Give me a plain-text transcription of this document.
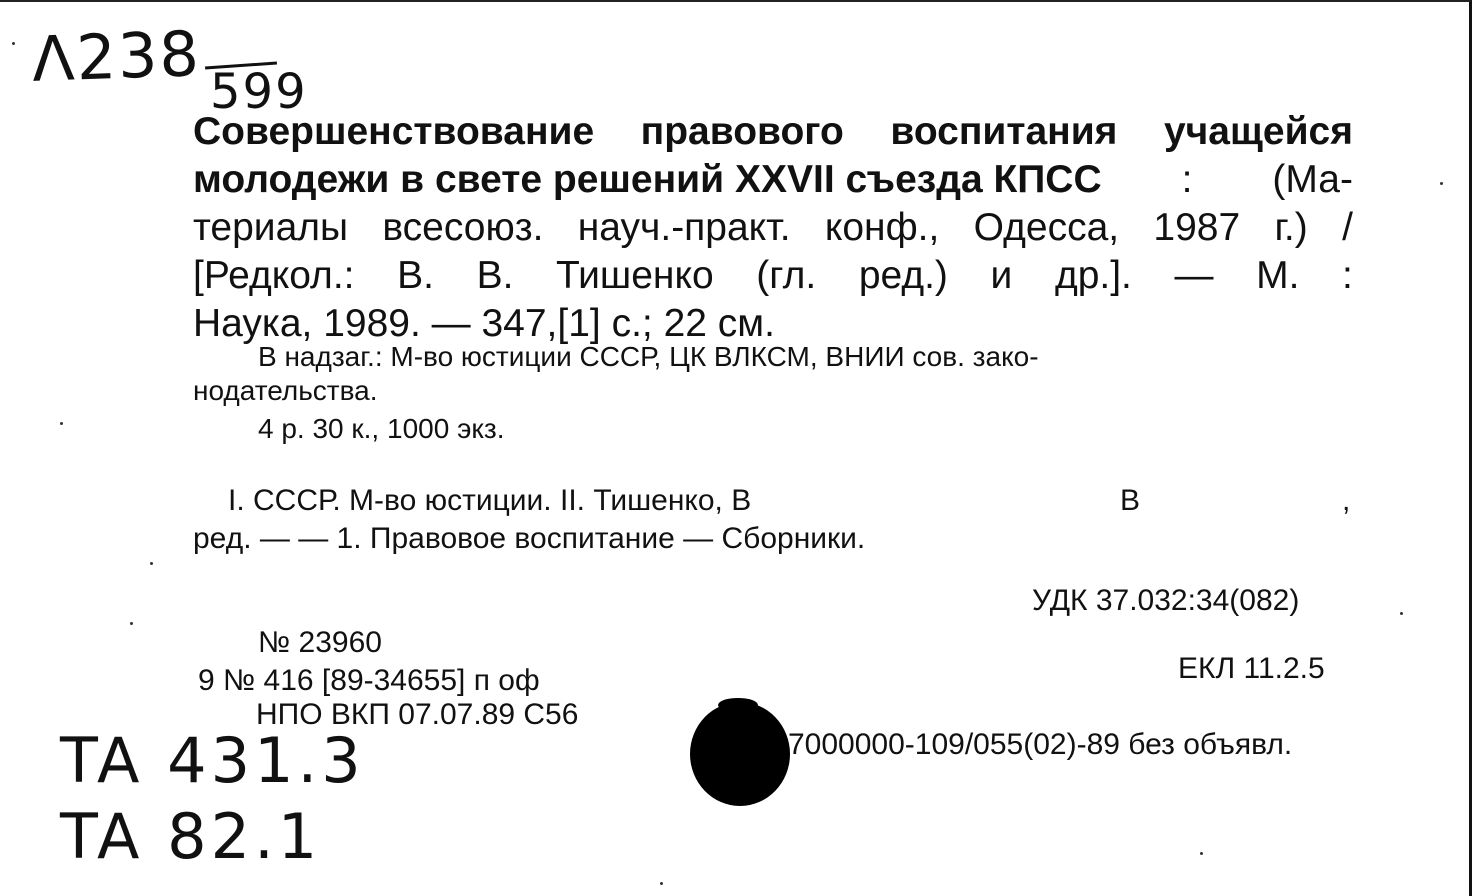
Λ238 599
Совершенствование правового воспитания учащейся
молодежи в свете решений XXVII съезда КПСС : (Ма-
териалы всесоюз. науч.-практ. конф., Одесса, 1987 г.) /
[Редкол.: В. В. Тишенко (гл. ред.) и др.]. — М. :
Наука, 1989. — 347,[1] с.; 22 см.
В надзаг.: М-во юстиции СССР, ЦК ВЛКСМ, ВНИИ сов. зако-
нодательства.
4 р. 30 к., 1000 экз.
I. СССР. М-во юстиции. II. Тишенко, В	В	,
ред. — — 1. Правовое воспитание — Сборники.
УДК 37.032:34(082)
№ 23960
ЕКЛ 11.2.5
9 № 416 [89-34655] п оф
НПО ВКП 07.07.89 С56
7000000-109/055(02)-89 без объявл.
TA 431.3
TA 82.1
